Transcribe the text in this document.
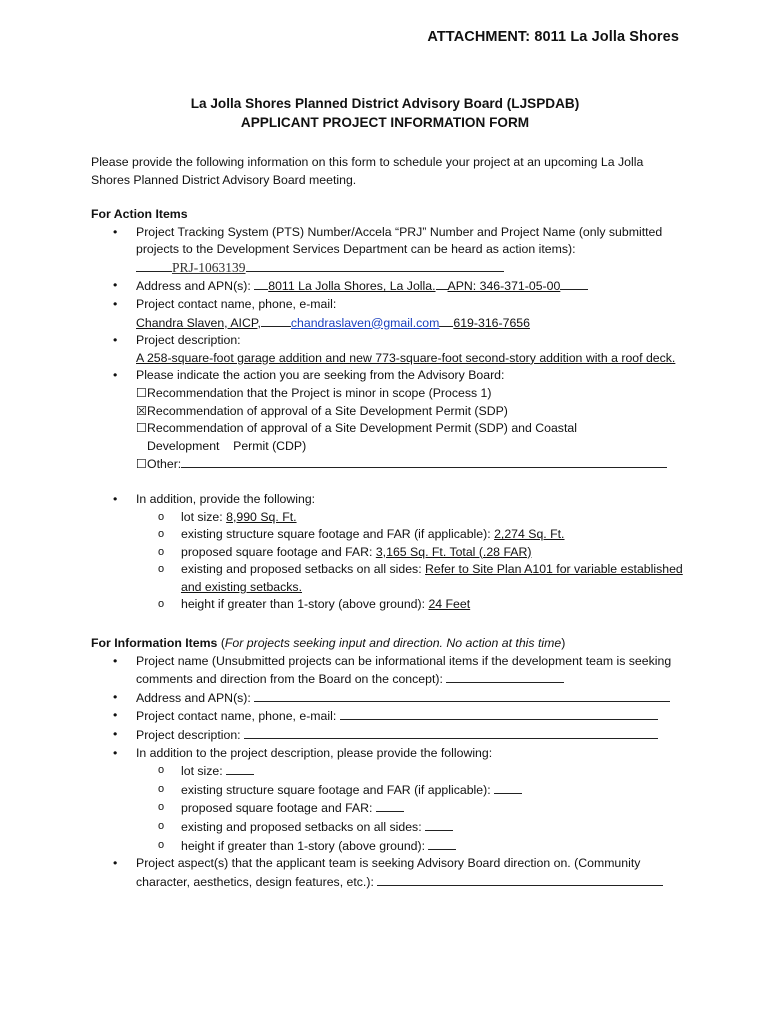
ATTACHMENT: 8011 La Jolla Shores
La Jolla Shores Planned District Advisory Board (LJSPDAB)
APPLICANT PROJECT INFORMATION FORM
Please provide the following information on this form to schedule your project at an upcoming La Jolla Shores Planned District Advisory Board meeting.
For Action Items
• Project Tracking System (PTS) Number/Accela “PRJ” Number and Project Name (only submitted projects to the Development Services Department can be heard as action items):
PRJ-1063139
• Address and APN(s): 8011 La Jolla Shores, La Jolla. APN: 346-371-05-00
• Project contact name, phone, e-mail:
Chandra Slaven, AICP, chandraslaven@gmail.com 619-316-7656
• Project description:
A 258-square-foot garage addition and new 773-square-foot second-story addition with a roof deck.
• Please indicate the action you are seeking from the Advisory Board:
☐Recommendation that the Project is minor in scope (Process 1)
☒Recommendation of approval of a Site Development Permit (SDP)
☐Recommendation of approval of a Site Development Permit (SDP) and Coastal
Development    Permit (CDP)
☐Other:
• In addition, provide the following:
o lot size: 8,990 Sq. Ft.
o existing structure square footage and FAR (if applicable): 2,274 Sq. Ft.
o proposed square footage and FAR: 3,165 Sq. Ft. Total (.28 FAR)
o existing and proposed setbacks on all sides: Refer to Site Plan A101 for variable established and existing setbacks.
o height if greater than 1-story (above ground): 24 Feet
For Information Items (For projects seeking input and direction. No action at this time)
• Project name (Unsubmitted projects can be informational items if the development team is seeking comments and direction from the Board on the concept):
• Address and APN(s):
• Project contact name, phone, e-mail:
• Project description:
• In addition to the project description, please provide the following:
o lot size:
o existing structure square footage and FAR (if applicable):
o proposed square footage and FAR:
o existing and proposed setbacks on all sides:
o height if greater than 1-story (above ground):
• Project aspect(s) that the applicant team is seeking Advisory Board direction on. (Community character, aesthetics, design features, etc.):
